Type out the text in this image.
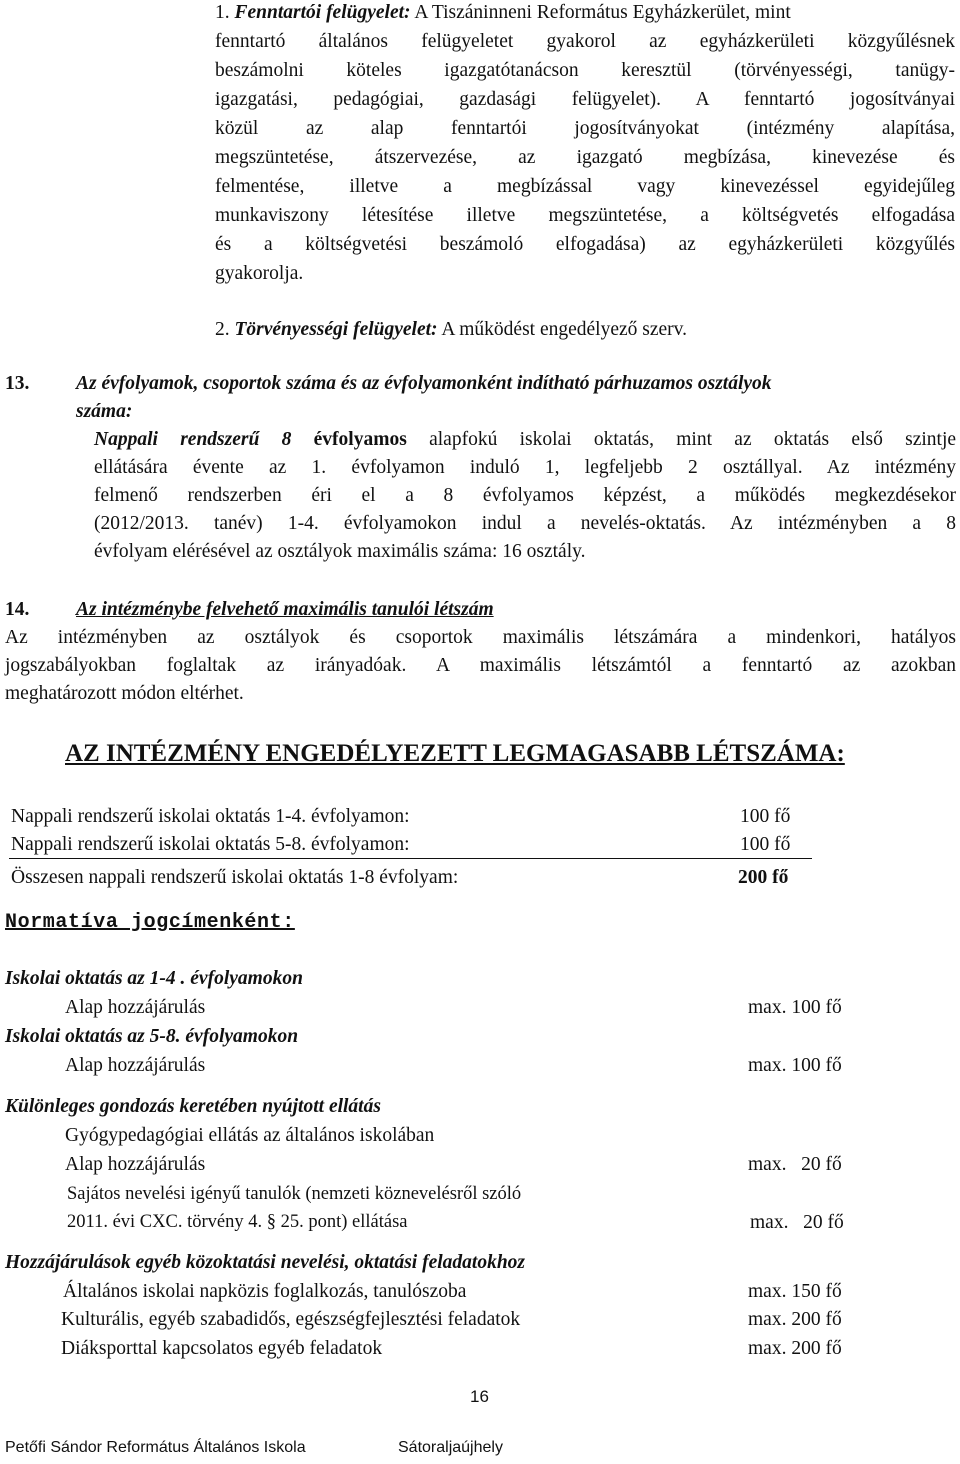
1. Fenntartói felügyelet: A Tiszáninneni Református Egyházkerület, mint
fenntartó általános felügyeletet gyakorol az egyházkerületi közgyűlésnek
beszámolni köteles igazgatótanácson keresztül (törvényességi, tanügy-
igazgatási, pedagógiai, gazdasági felügyelet). A fenntartó jogosítványai
közül az alap fenntartói jogosítványokat (intézmény alapítása,
megszüntetése, átszervezése, az igazgató megbízása, kinevezése és
felmentése, illetve a megbízással vagy kinevezéssel egyidejűleg
munkaviszony létesítése illetve megszüntetése, a költségvetés elfogadása
és a költségvetési beszámoló elfogadása) az egyházkerületi közgyűlés
gyakorolja.
2. Törvényességi felügyelet: A működést engedélyező szerv.
13. Az évfolyamok, csoportok száma és az évfolyamonként indítható párhuzamos osztályok
száma:
Nappali rendszerű 8 évfolyamos alapfokú iskolai oktatás, mint az oktatás első szintje
ellátására évente az 1. évfolyamon induló 1, legfeljebb 2 osztállyal. Az intézmény
felmenő rendszerben éri el a 8 évfolyamos képzést, a működés megkezdésekor
(2012/2013. tanév) 1-4. évfolyamokon indul a nevelés-oktatás. Az intézményben a 8
évfolyam elérésével az osztályok maximális száma: 16 osztály.
14. Az intézménybe felvehető maximális tanulói létszám
Az intézményben az osztályok és csoportok maximális létszámára a mindenkori, hatályos
jogszabályokban foglaltak az irányadóak. A maximális létszámtól a fenntartó az azokban
meghatározott módon eltérhet.
AZ INTÉZMÉNY ENGEDÉLYEZETT LEGMAGASABB LÉTSZÁMA:
Nappali rendszerű iskolai oktatás 1-4. évfolyamon:	100 fő
Nappali rendszerű iskolai oktatás 5-8. évfolyamon:	100 fő
Összesen nappali rendszerű iskolai oktatás 1-8 évfolyam:	200 fő
Normatíva jogcímenként:
Iskolai oktatás az 1-4 . évfolyamokon
Alap hozzájárulás	max. 100 fő
Iskolai oktatás az 5-8. évfolyamokon
Alap hozzájárulás	max. 100 fő
Különleges gondozás keretében nyújtott ellátás
Gyógypedagógiai ellátás az általános iskolában
Alap hozzájárulás	max.   20 fő
Sajátos nevelési igényű tanulók (nemzeti köznevelésről szóló
2011. évi CXC. törvény 4. § 25. pont) ellátása	max.   20 fő
Hozzájárulások egyéb közoktatási nevelési, oktatási feladatokhoz
Általános iskolai napközis foglalkozás, tanulószoba	max. 150 fő
Kulturális, egyéb szabadidős, egészségfejlesztési feladatok	max. 200 fő
Diáksporttal kapcsolatos egyéb feladatok	max. 200 fő
16
Petőfi Sándor Református Általános Iskola	Sátoraljaújhely
